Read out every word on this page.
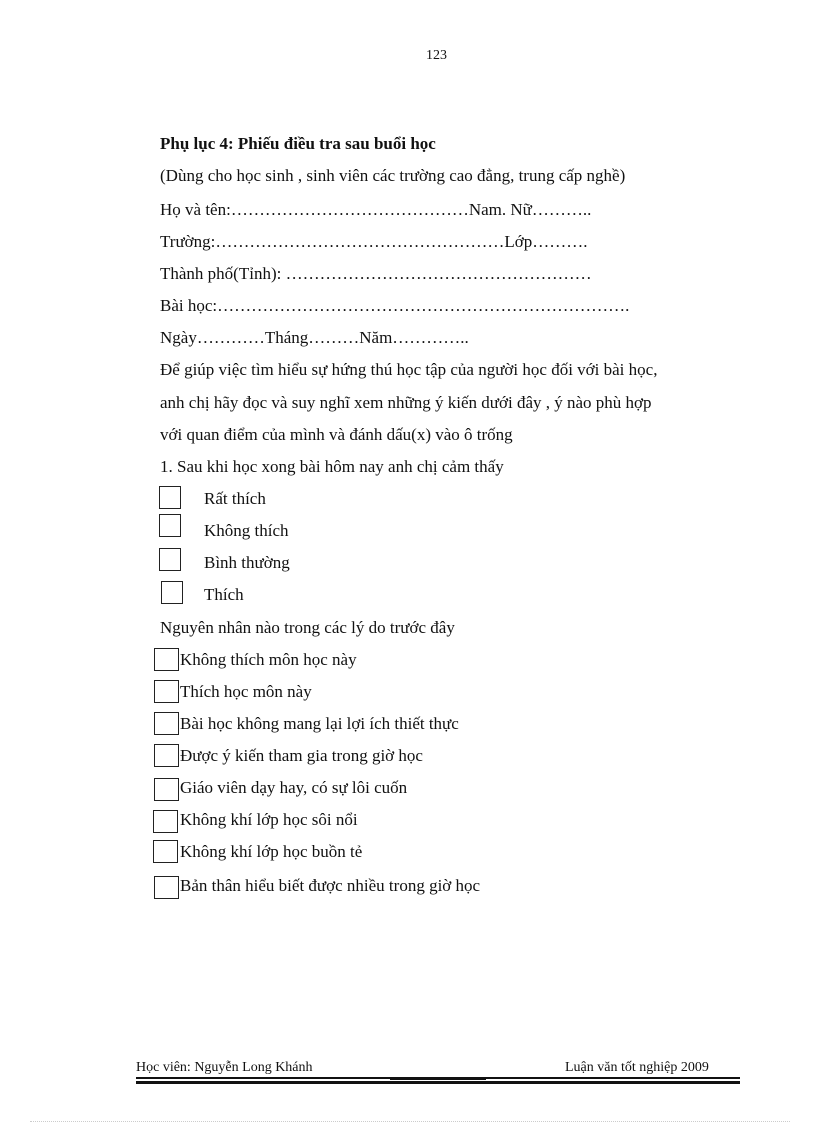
123
Phụ lục 4: Phiếu điều tra sau buổi học
(Dùng cho học sinh , sinh viên các trường cao đẳng, trung cấp nghề)
Họ và tên:……………………………………Nam. Nữ………..
Trường:……………………………………………Lớp……….
Thành phố(Tỉnh): ………………………………………………
Bài học:……………………………………………………………….
Ngày…………Tháng………Năm…………..
Để giúp việc tìm hiểu sự hứng thú học tập của người học đối với bài học,
anh chị hãy đọc và suy nghĩ xem những ý kiến dưới đây , ý nào phù hợp
với quan điểm của mình và đánh dấu(x) vào ô trống
1. Sau khi học xong bài hôm nay anh chị cảm thấy
Rất thích
Không thích
Bình thường
Thích
Nguyên nhân nào trong các lý do trước đây
Không thích môn học này
Thích học môn này
Bài học không mang lại lợi ích thiết thực
Được ý kiến tham gia trong giờ học
Giáo viên dạy hay, có sự lôi cuốn
Không khí lớp học sôi nổi
Không khí lớp học buồn tẻ
Bản thân hiểu biết được nhiều trong giờ học
Học viên: Nguyễn Long Khánh	Luận văn tốt nghiệp 2009
